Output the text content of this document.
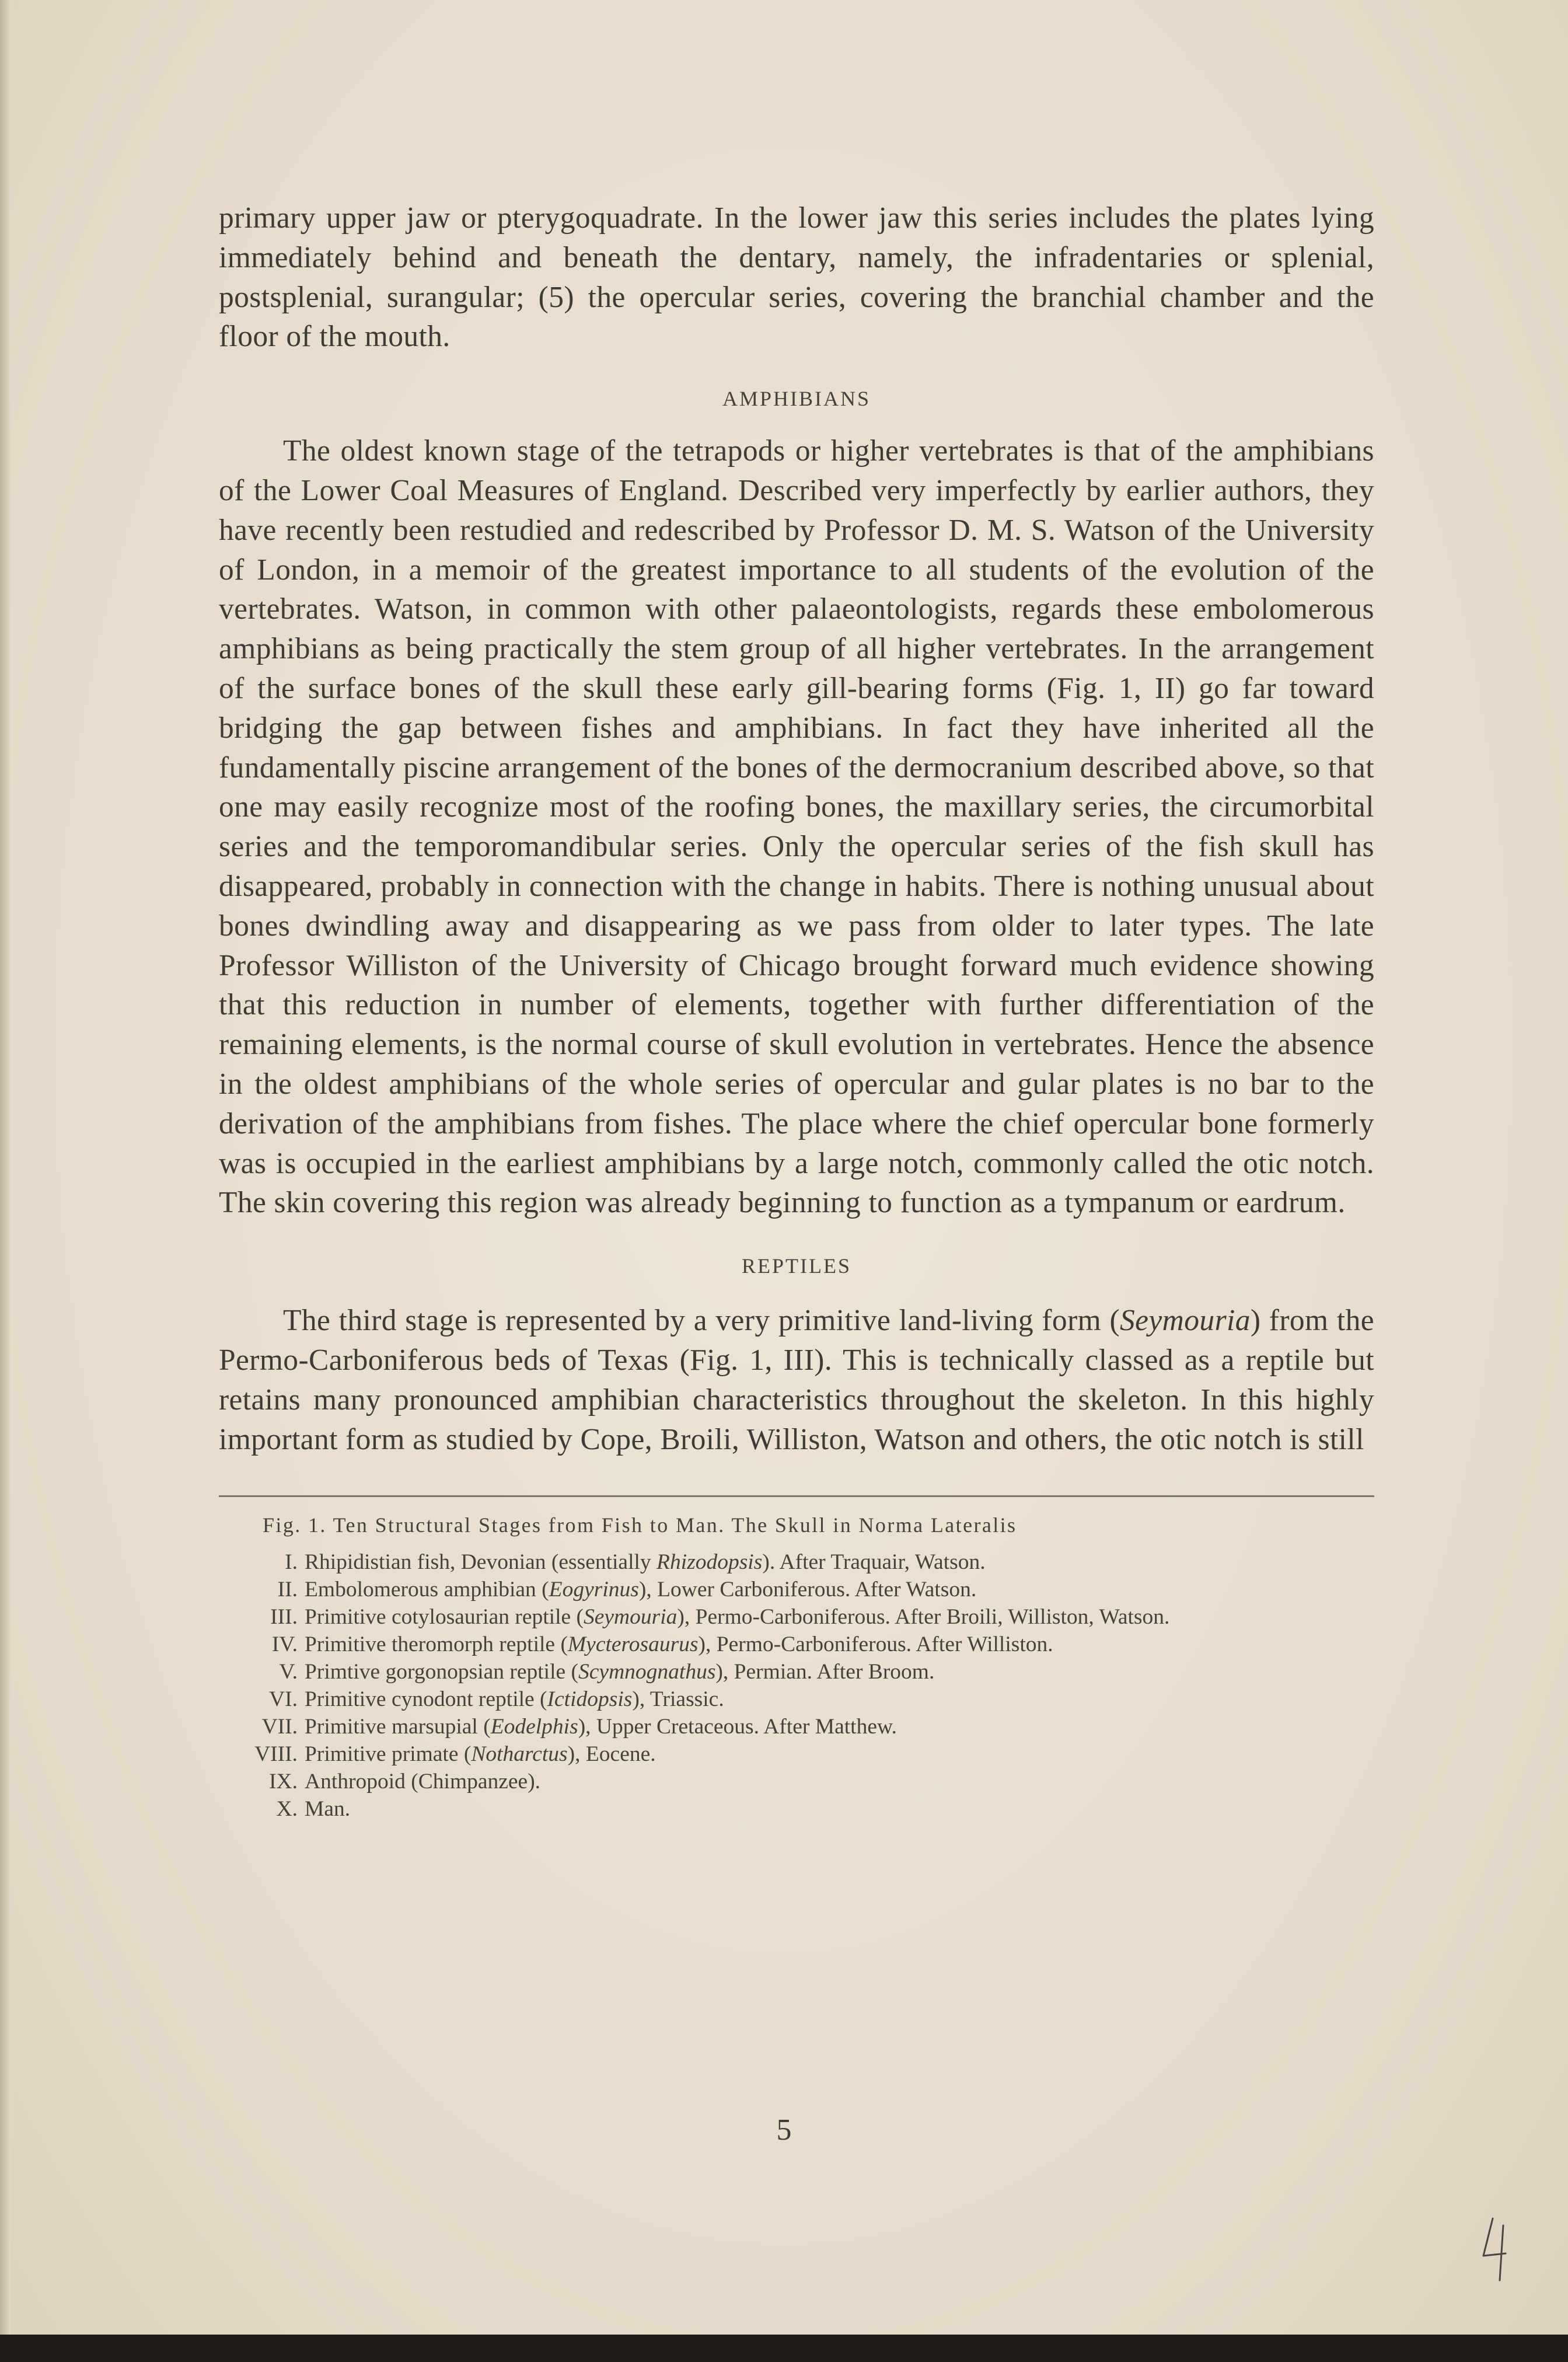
primary upper jaw or pterygoquadrate. In the lower jaw this series includes the plates lying immediately behind and beneath the dentary, namely, the infradentaries or splenial, postsplenial, surangular; (5) the opercular series, covering the branchial chamber and the floor of the mouth.

AMPHIBIANS

The oldest known stage of the tetrapods or higher vertebrates is that of the amphibians of the Lower Coal Measures of England. Described very imperfectly by earlier authors, they have recently been restudied and redescribed by Professor D. M. S. Watson of the University of London, in a memoir of the greatest importance to all students of the evolution of the vertebrates. Watson, in common with other palaeontologists, regards these embolomerous amphibians as being practically the stem group of all higher vertebrates. In the arrangement of the surface bones of the skull these early gill-bearing forms (Fig. 1, II) go far toward bridging the gap between fishes and amphibians. In fact they have inherited all the fundamentally piscine arrangement of the bones of the dermocranium described above, so that one may easily recognize most of the roofing bones, the maxillary series, the circumorbital series and the temporomandibular series. Only the opercular series of the fish skull has disappeared, probably in connection with the change in habits. There is nothing unusual about bones dwindling away and disappearing as we pass from older to later types. The late Professor Williston of the University of Chicago brought forward much evidence showing that this reduction in number of elements, together with further differentiation of the remaining elements, is the normal course of skull evolution in vertebrates. Hence the absence in the oldest amphibians of the whole series of opercular and gular plates is no bar to the derivation of the amphibians from fishes. The place where the chief opercular bone formerly was is occupied in the earliest amphibians by a large notch, commonly called the otic notch. The skin covering this region was already beginning to function as a tympanum or eardrum.

REPTILES

The third stage is represented by a very primitive land-living form (Seymouria) from the Permo-Carboniferous beds of Texas (Fig. 1, III). This is technically classed as a reptile but retains many pronounced amphibian characteristics throughout the skeleton. In this highly important form as studied by Cope, Broili, Williston, Watson and others, the otic notch is still

Fig. 1. Ten Structural Stages from Fish to Man. The Skull in Norma Lateralis
I. Rhipidistian fish, Devonian (essentially Rhizodopsis). After Traquair, Watson.
II. Embolomerous amphibian (Eogyrinus), Lower Carboniferous. After Watson.
III. Primitive cotylosaurian reptile (Seymouria), Permo-Carboniferous. After Broili, Williston, Watson.
IV. Primitive theromorph reptile (Mycterosaurus), Permo-Carboniferous. After Williston.
V. Primtive gorgonopsian reptile (Scymnognathus), Permian. After Broom.
VI. Primitive cynodont reptile (Ictidopsis), Triassic.
VII. Primitive marsupial (Eodelphis), Upper Cretaceous. After Matthew.
VIII. Primitive primate (Notharctus), Eocene.
IX. Anthropoid (Chimpanzee).
X. Man.
5
